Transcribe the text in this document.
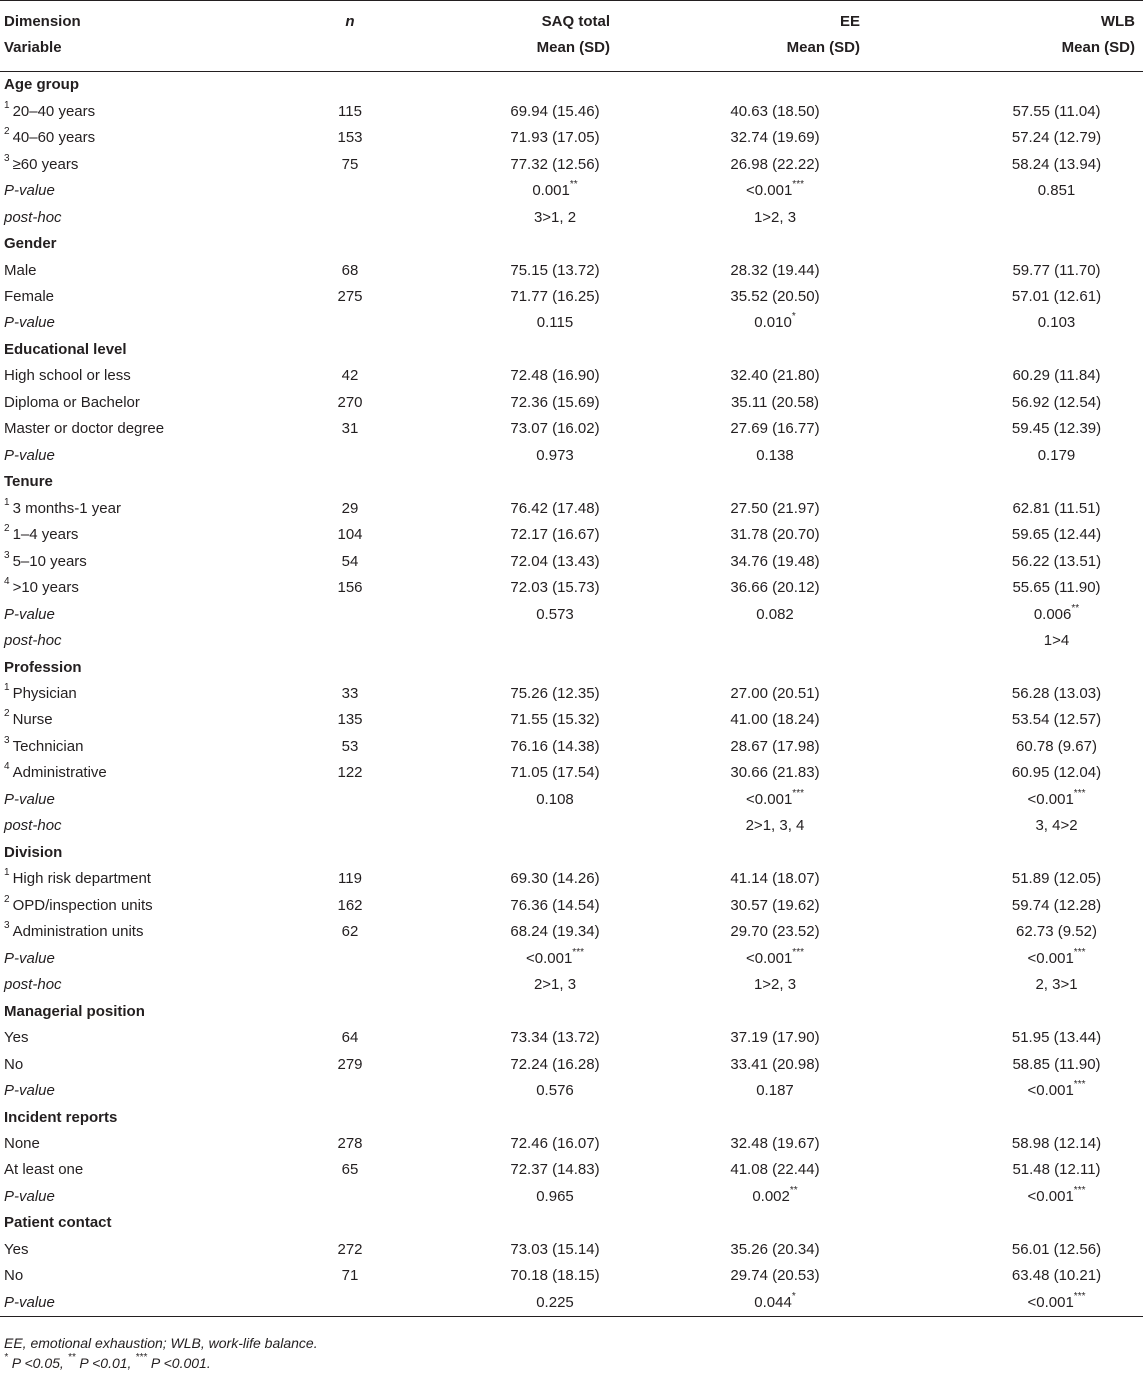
Dimension	n	SAQ total	EE	WLB
Variable		Mean (SD)	Mean (SD)	Mean (SD)
Age group				
$^1$ 20–40 years	115	69.94 (15.46)	40.63 (18.50)	57.55 (11.04)
$^2$ 40–60 years	153	71.93 (17.05)	32.74 (19.69)	57.24 (12.79)
$^3$ ≥60 years	75	77.32 (12.56)	26.98 (22.22)	58.24 (13.94)
P-value		0.001**	<0.001***	0.851
post-hoc		3>1, 2	1>2, 3	
Gender				
Male	68	75.15 (13.72)	28.32 (19.44)	59.77 (11.70)
Female	275	71.77 (16.25)	35.52 (20.50)	57.01 (12.61)
P-value		0.115	0.010*	0.103
Educational level				
High school or less	42	72.48 (16.90)	32.40 (21.80)	60.29 (11.84)
Diploma or Bachelor	270	72.36 (15.69)	35.11 (20.58)	56.92 (12.54)
Master or doctor degree	31	73.07 (16.02)	27.69 (16.77)	59.45 (12.39)
P-value		0.973	0.138	0.179
Tenure				
$^1$ 3 months-1 year	29	76.42 (17.48)	27.50 (21.97)	62.81 (11.51)
$^2$ 1–4 years	104	72.17 (16.67)	31.78 (20.70)	59.65 (12.44)
$^3$ 5–10 years	54	72.04 (13.43)	34.76 (19.48)	56.22 (13.51)
$^4$ >10 years	156	72.03 (15.73)	36.66 (20.12)	55.65 (11.90)
P-value		0.573	0.082	0.006**
post-hoc				1>4
Profession				
$^1$ Physician	33	75.26 (12.35)	27.00 (20.51)	56.28 (13.03)
$^2$ Nurse	135	71.55 (15.32)	41.00 (18.24)	53.54 (12.57)
$^3$ Technician	53	76.16 (14.38)	28.67 (17.98)	60.78 (9.67)
$^4$ Administrative	122	71.05 (17.54)	30.66 (21.83)	60.95 (12.04)
P-value		0.108	<0.001***	<0.001***
post-hoc			2>1, 3, 4	3, 4>2
Division				
$^1$ High risk department	119	69.30 (14.26)	41.14 (18.07)	51.89 (12.05)
$^2$ OPD/inspection units	162	76.36 (14.54)	30.57 (19.62)	59.74 (12.28)
$^3$ Administration units	62	68.24 (19.34)	29.70 (23.52)	62.73 (9.52)
P-value		<0.001***	<0.001***	<0.001***
post-hoc		2>1, 3	1>2, 3	2, 3>1
Managerial position				
Yes	64	73.34 (13.72)	37.19 (17.90)	51.95 (13.44)
No	279	72.24 (16.28)	33.41 (20.98)	58.85 (11.90)
P-value		0.576	0.187	<0.001***
Incident reports				
None	278	72.46 (16.07)	32.48 (19.67)	58.98 (12.14)
At least one	65	72.37 (14.83)	41.08 (22.44)	51.48 (12.11)
P-value		0.965	0.002**	<0.001***
Patient contact				
Yes	272	73.03 (15.14)	35.26 (20.34)	56.01 (12.56)
No	71	70.18 (18.15)	29.74 (20.53)	63.48 (10.21)
P-value		0.225	0.044*	<0.001***
EE, emotional exhaustion; WLB, work-life balance.
* P <0.05, ** P <0.01, *** P <0.001.
